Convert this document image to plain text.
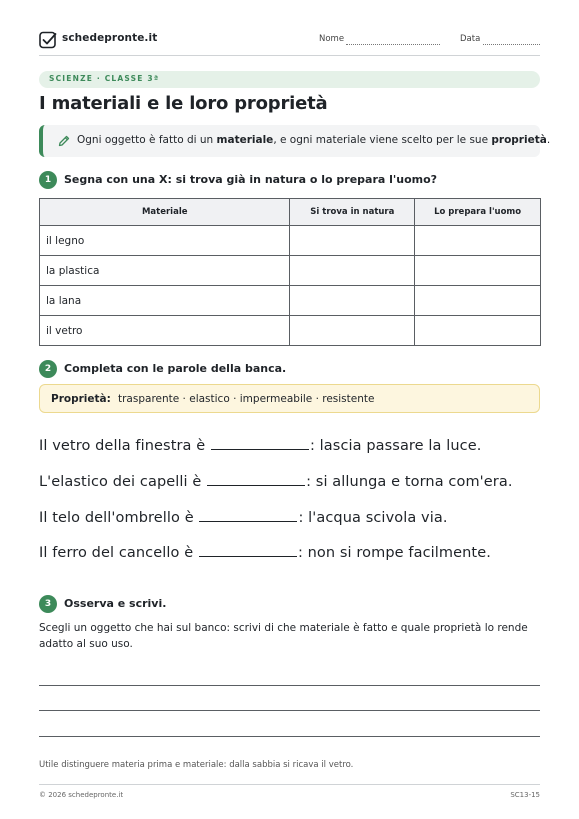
schedepronte.it	Nome	Data
SCIENZE · CLASSE 3ª
I materiali e le loro proprietà
Ogni oggetto è fatto di un materiale, e ogni materiale viene scelto per le sue proprietà.
1	Segna con una X: si trova già in natura o lo prepara l'uomo?
Materiale	Si trova in natura	Lo prepara l'uomo
il legno		
la plastica		
la lana		
il vetro		
2	Completa con le parole della banca.
Proprietà: trasparente · elastico · impermeabile · resistente
Il vetro della finestra è	: lascia passare la luce.
L'elastico dei capelli è	: si allunga e torna com'era.
Il telo dell'ombrello è	: l'acqua scivola via.
Il ferro del cancello è	: non si rompe facilmente.
3	Osserva e scrivi.
Scegli un oggetto che hai sul banco: scrivi di che materiale è fatto e quale proprietà lo rende adatto al suo uso.
Utile distinguere materia prima e materiale: dalla sabbia si ricava il vetro.
© 2026 schedepronte.it	SC13-15
